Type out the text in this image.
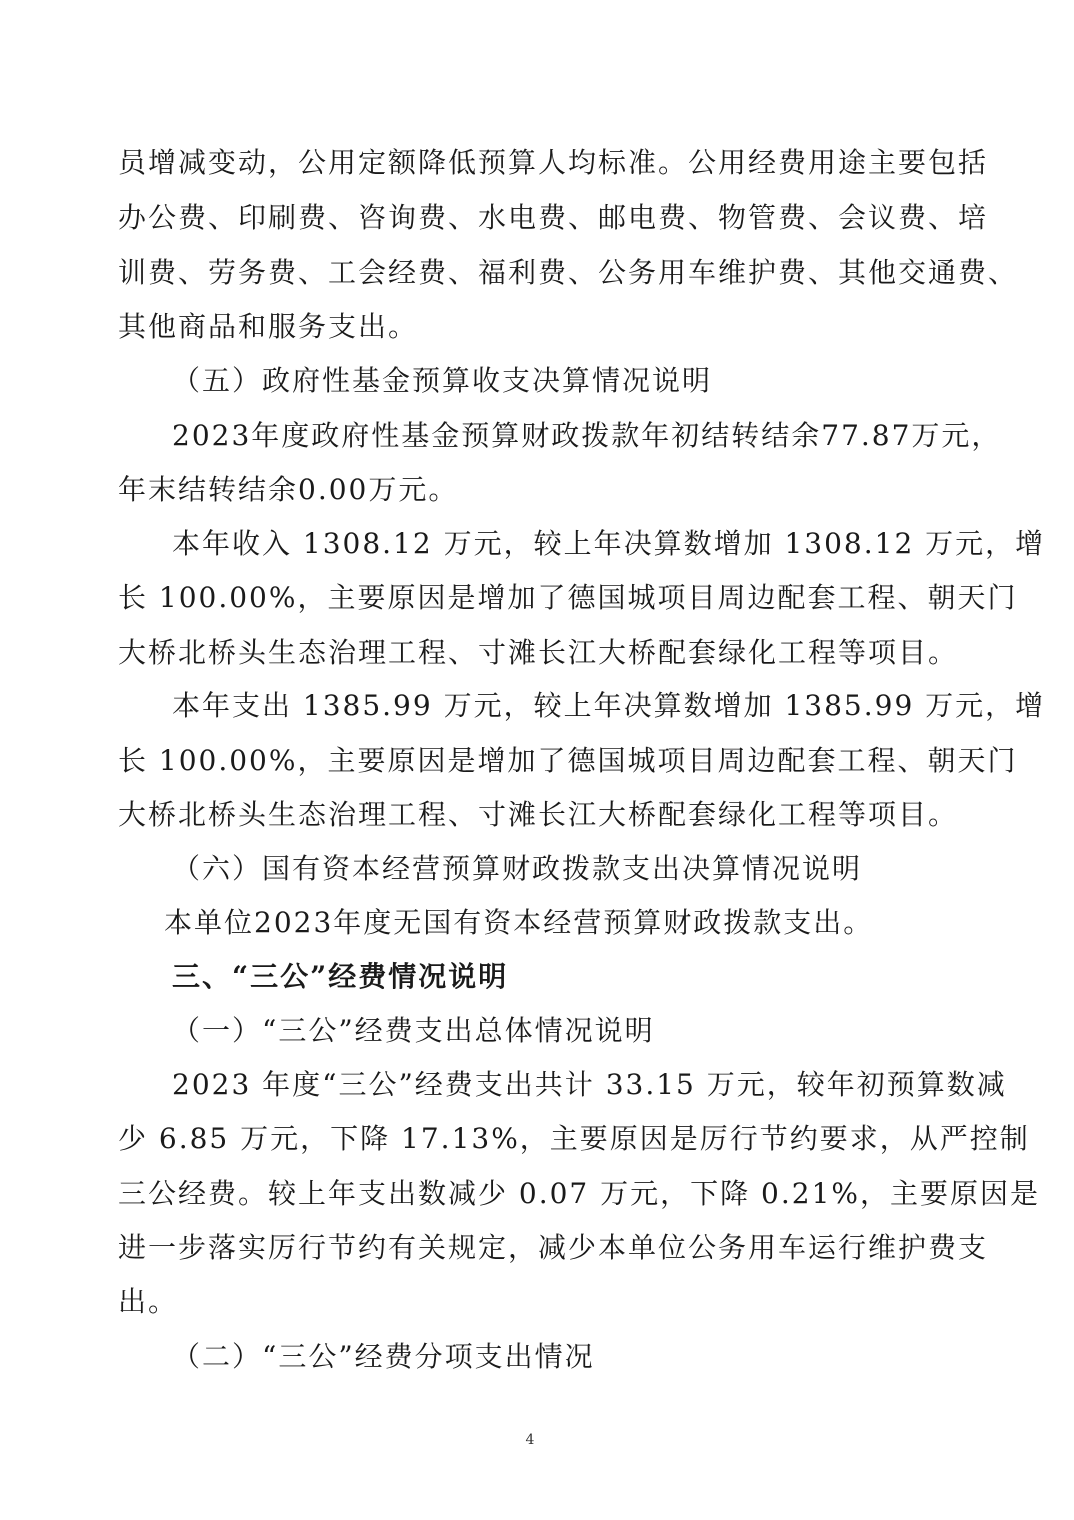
员增减变动，公用定额降低预算人均标准。公用经费用途主要包括
办公费、印刷费、咨询费、水电费、邮电费、物管费、会议费、培
训费、劳务费、工会经费、福利费、公务用车维护费、其他交通费、
其他商品和服务支出。
（五）政府性基金预算收支决算情况说明
2023年度政府性基金预算财政拨款年初结转结余77.87万元，
年末结转结余0.00万元。
本年收入 1308.12 万元，较上年决算数增加 1308.12 万元，增
长 100.00%，主要原因是增加了德国城项目周边配套工程、朝天门
大桥北桥头生态治理工程、寸滩长江大桥配套绿化工程等项目。
本年支出 1385.99 万元，较上年决算数增加 1385.99 万元，增
长 100.00%，主要原因是增加了德国城项目周边配套工程、朝天门
大桥北桥头生态治理工程、寸滩长江大桥配套绿化工程等项目。
（六）国有资本经营预算财政拨款支出决算情况说明
本单位2023年度无国有资本经营预算财政拨款支出。
三、“三公”经费情况说明
（一）“三公”经费支出总体情况说明
2023 年度“三公”经费支出共计 33.15 万元，较年初预算数减
少 6.85 万元，下降 17.13%，主要原因是厉行节约要求，从严控制
三公经费。较上年支出数减少 0.07 万元，下降 0.21%，主要原因是
进一步落实厉行节约有关规定，减少本单位公务用车运行维护费支
出。
（二）“三公”经费分项支出情况
4
